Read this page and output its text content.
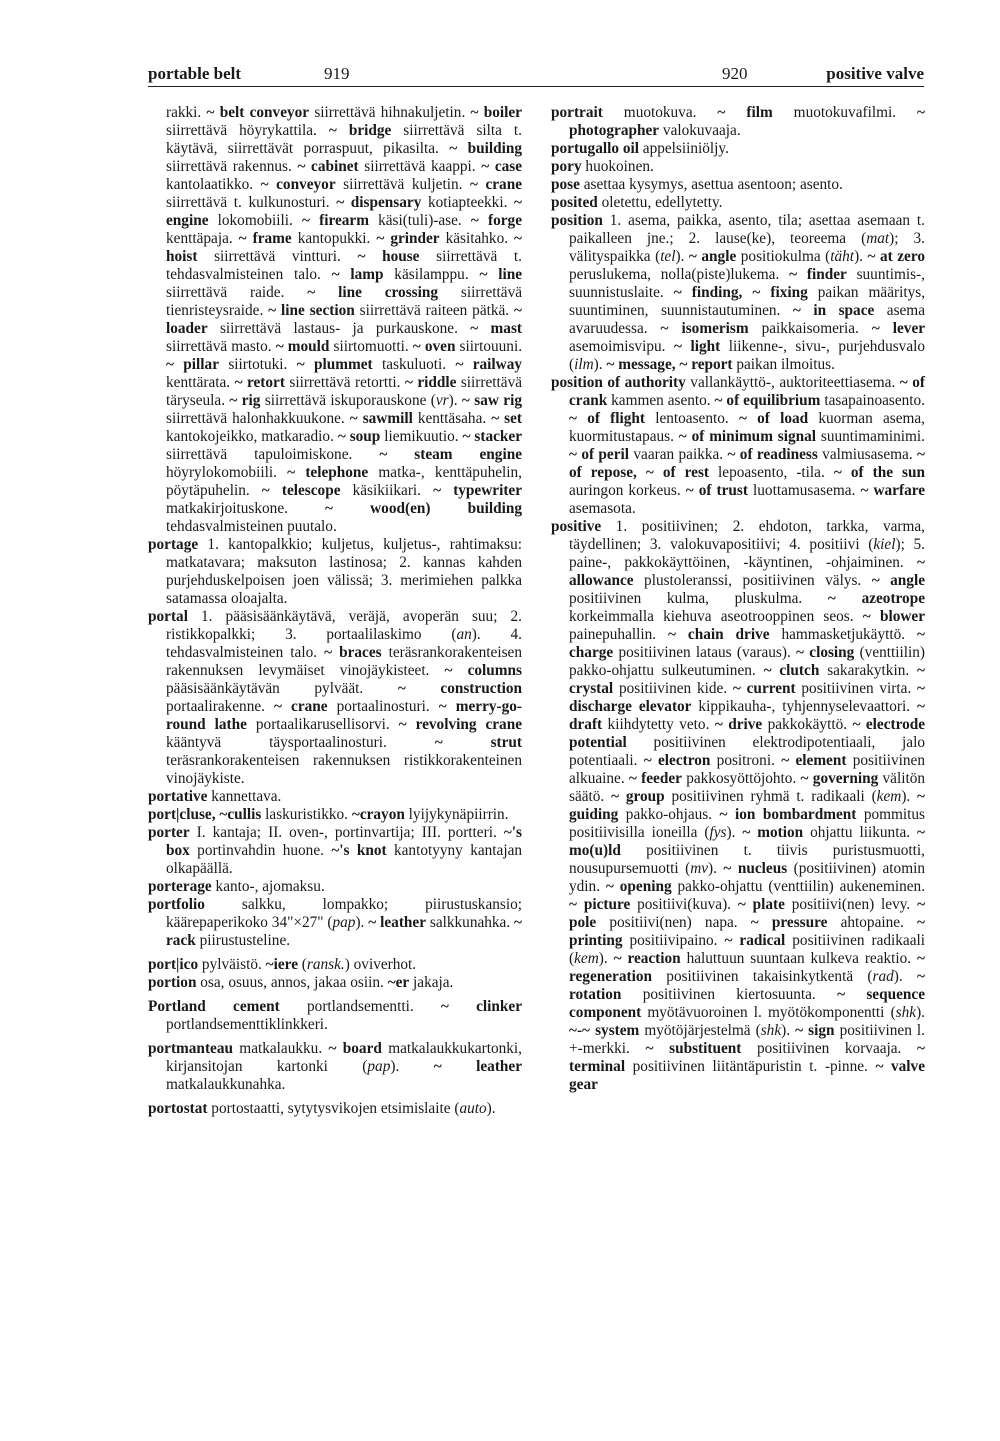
portable belt	919	920	positive valve

rakki. ~ belt conveyor siirrettävä hihnakuljetin. ~ boiler siirrettävä höyrykattila. ~ bridge siirrettävä silta t. käytävä, siirrettävät porraspuut, pikasilta. ~ building siirrettävä rakennus. ~ cabinet siirrettävä kaappi. ~ case kantolaatikko. ~ conveyor siirrettävä kuljetin. ~ crane siirrettävä t. kulkunosturi. ~ dispensary kotiapteekki. ~ engine lokomobiili. ~ firearm käsi(tuli)-ase. ~ forge kenttäpaja. ~ frame kantopukki. ~ grinder käsitahko. ~ hoist siirrettävä vintturi. ~ house siirrettävä t. tehdasvalmisteinen talo. ~ lamp käsilamppu. ~ line siirrettävä raide. ~ line crossing siirrettävä tienristeysraide. ~ line section siirrettävä raiteen pätkä. ~ loader siirrettävä lastaus- ja purkauskone. ~ mast siirrettävä masto. ~ mould siirtomuotti. ~ oven siirtouuni. ~ pillar siirtotuki. ~ plummet taskuluoti. ~ railway kenttärata. ~ retort siirrettävä retortti. ~ riddle siirrettävä täryseula. ~ rig siirrettävä iskuporauskone (vr). ~ saw rig siirrettävä halonhakkuukone. ~ sawmill kenttäsaha. ~ set kantokojeikko, matkaradio. ~ soup liemikuutio. ~ stacker siirrettävä tapuloimiskone. ~ steam engine höyrylokomobiili. ~ telephone matka-, kenttäpuhelin, pöytäpuhelin. ~ telescope käsikiikari. ~ typewriter matkakirjoituskone. ~ wood(en) building tehdasvalmisteinen puutalo.

portage 1. kantopalkkio; kuljetus, kuljetus-, rahtimaksu: matkatavara; maksuton lastinosa; 2. kannas kahden purjehduskelpoisen joen välissä; 3. merimiehen palkka satamassa oloajalta.

portal 1. pääsisäänkäytävä, veräjä, avoperän suu; 2. ristikkopalkki; 3. portaalilaskimo (an). 4. tehdasvalmisteinen talo. ~ braces teräsrankorakenteisen rakennuksen levymäiset vinojäykisteet. ~ columns pääsisäänkäytävän pylväät. ~ construction portaalirakenne. ~ crane portaalinosturi. ~ merry-go-round lathe portaalikarusellisorvi. ~ revolving crane kääntyvä täysportaalinosturi. ~	strut teräsrankorakenteisen rakennuksen ristikkorakenteinen vinojäykiste.

portative kannettava.

port|cluse, ~cullis laskuristikko. ~crayon lyijykynäpiirrin.

porter I. kantaja; II. oven-, portinvartija; III. portteri. ~'s box portinvahdin huone. ~'s knot kantotyyny kantajan olkapäällä.

porterage kanto-, ajomaksu.

portfolio salkku, lompakko; piirustuskansio; käärepaperikoko 34"×27" (pap). ~ leather salkkunahka. ~ rack piirustusteline.

port|ico pylväistö. ~iere (ransk.) oviverhot.

portion osa, osuus, annos, jakaa osiin. ~er jakaja.

Portland cement portlandsementti. ~ clinker portlandsementtiklinkkeri.

portmanteau matkalaukku. ~ board matkalaukkukartonki, kirjansitojan kartonki (pap). ~ leather matkalaukkunahka.

portostat portostaatti, sytytysvikojen etsimislaite (auto).

portrait muotokuva. ~ film muotokuvafilmi. ~ photographer valokuvaaja.

portugallo oil appelsiiniöljy.

pory huokoinen.

pose asettaa kysymys, asettua asentoon; asento.

posited oletettu, edellytetty.

position 1. asema, paikka, asento, tila; asettaa asemaan t. paikalleen jne.; 2. lause(ke), teoreema (mat); 3. välityspaikka (tel). ~ angle positiokulma (täht). ~ at zero peruslukema, nolla(piste)lukema. ~ finder suuntimis-, suunnistuslaite. ~ finding, ~ fixing paikan määritys, suuntiminen, suunnistautuminen. ~ in space asema avaruudessa. ~ isomerism paikkaisomeria. ~ lever asemoimisvipu. ~ light liikenne-, sivu-, purjehdusvalo (ilm). ~ message, ~ report paikan ilmoitus.

position of authority vallankäyttö-, auktoriteettiasema. ~ of crank kammen asento. ~ of equilibrium tasapainoasento. ~ of flight lentoasento. ~ of load kuorman asema, kuormitustapaus. ~ of minimum signal suuntimaminimi. ~ of peril vaaran paikka. ~ of readiness valmiusasema. ~ of repose, ~ of rest lepoasento, -tila. ~ of the sun auringon korkeus. ~ of trust luottamusasema. ~ warfare asemasota.

positive 1. positiivinen; 2. ehdoton, tarkka, varma, täydellinen; 3. valokuvapositiivi; 4. positiivi (kiel); 5. paine-, pakkokäyttöinen, -käyntinen, -ohjaiminen. ~ allowance plustoleranssi, positiivinen välys. ~ angle positiivinen kulma, pluskulma. ~ azeotrope korkeimmalla kiehuva aseotrooppinen seos. ~ blower painepuhallin. ~ chain drive hammasketjukäyttö. ~ charge positiivinen lataus (varaus). ~ closing (venttiilin) pakko-ohjattu sulkeutuminen. ~ clutch sakarakytkin. ~ crystal positiivinen kide. ~ current positiivinen virta. ~ discharge elevator kippikauha-, tyhjennyselevaattori. ~ draft kiihdytetty veto. ~ drive pakkokäyttö. ~ electrode potential positiivinen elektrodipotentiaali, jalo potentiaali. ~ electron positroni. ~ element positiivinen alkuaine. ~ feeder pakkosyöttöjohto. ~ governing välitön säätö. ~ group positiivinen ryhmä t. radikaali (kem). ~ guiding pakko-ohjaus. ~ ion bombardment pommitus positiivisilla ioneilla (fys). ~ motion ohjattu liikunta. ~ mo(u)ld positiivinen t. tiivis puristusmuotti, nousupursemuotti (mv). ~ nucleus (positiivinen) atomin ydin. ~ opening pakko-ohjattu (venttiilin) aukeneminen. ~ picture positiivi(kuva). ~ plate positiivi(nen) levy. ~ pole positiivi(nen) napa. ~ pressure ahtopaine. ~ printing positiivipaino. ~ radical positiivinen radikaali (kem). ~ reaction haluttuun suuntaan kulkeva reaktio. ~ regeneration positiivinen takaisinkytkentä (rad). ~ rotation positiivinen kiertosuunta. ~ sequence component myötävuoroinen l. myötökomponentti (shk). ~-~ system myötöjärjestelmä (shk). ~ sign positiivinen l. +-merkki. ~ substituent positiivinen korvaaja. ~ terminal positiivinen liitäntäpuristin t. -pinne. ~ valve gear
